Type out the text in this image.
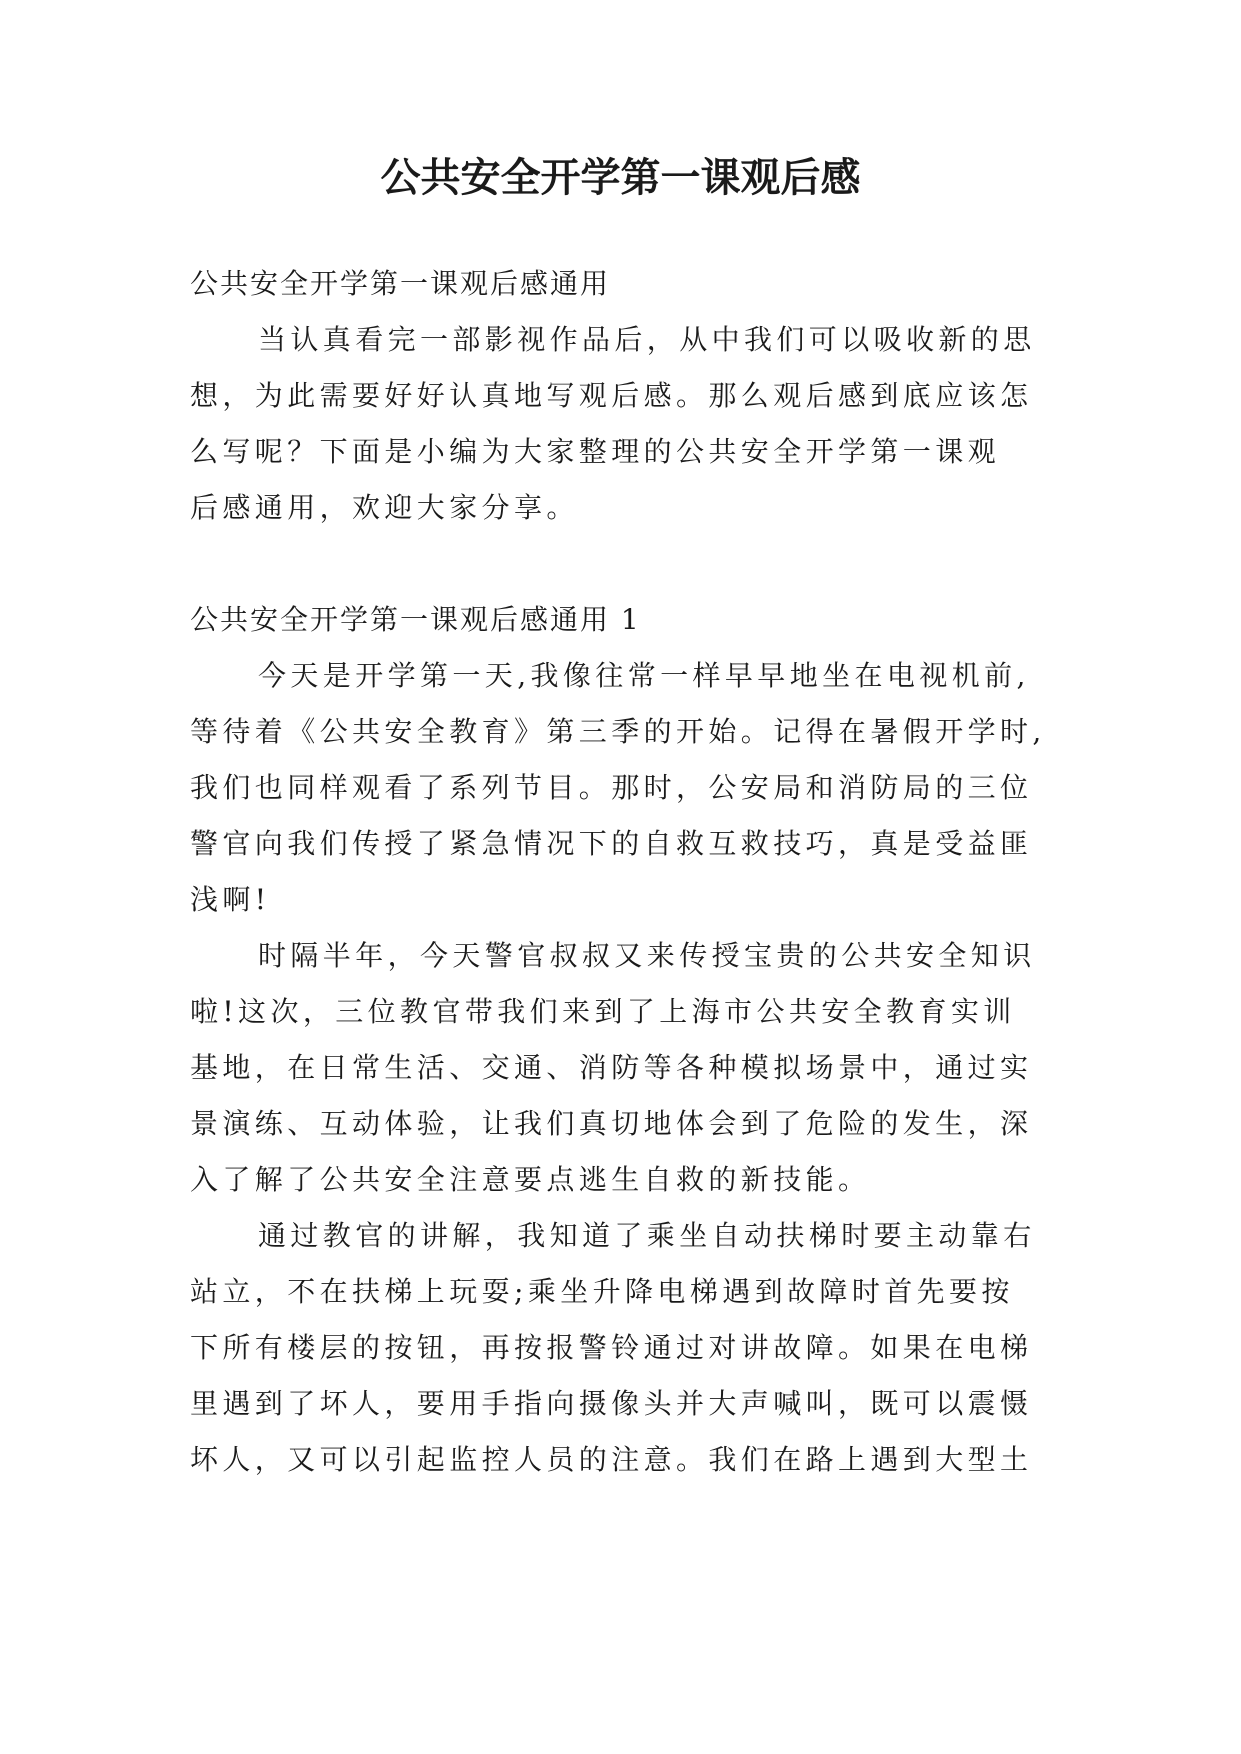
公共安全开学第一课观后感
公共安全开学第一课观后感通用
当认真看完一部影视作品后，从中我们可以吸收新的思
想，为此需要好好认真地写观后感。那么观后感到底应该怎
么写呢？下面是小编为大家整理的公共安全开学第一课观
后感通用，欢迎大家分享。
公共安全开学第一课观后感通用 1
今天是开学第一天,我像往常一样早早地坐在电视机前,
等待着《公共安全教育》第三季的开始。记得在暑假开学时,
我们也同样观看了系列节目。那时，公安局和消防局的三位
警官向我们传授了紧急情况下的自救互救技巧，真是受益匪
浅啊!
时隔半年，今天警官叔叔又来传授宝贵的公共安全知识
啦!这次，三位教官带我们来到了上海市公共安全教育实训
基地，在日常生活、交通、消防等各种模拟场景中，通过实
景演练、互动体验，让我们真切地体会到了危险的发生，深
入了解了公共安全注意要点逃生自救的新技能。
通过教官的讲解，我知道了乘坐自动扶梯时要主动靠右
站立，不在扶梯上玩耍;乘坐升降电梯遇到故障时首先要按
下所有楼层的按钮，再按报警铃通过对讲故障。如果在电梯
里遇到了坏人，要用手指向摄像头并大声喊叫，既可以震慑
坏人，又可以引起监控人员的注意。我们在路上遇到大型土
